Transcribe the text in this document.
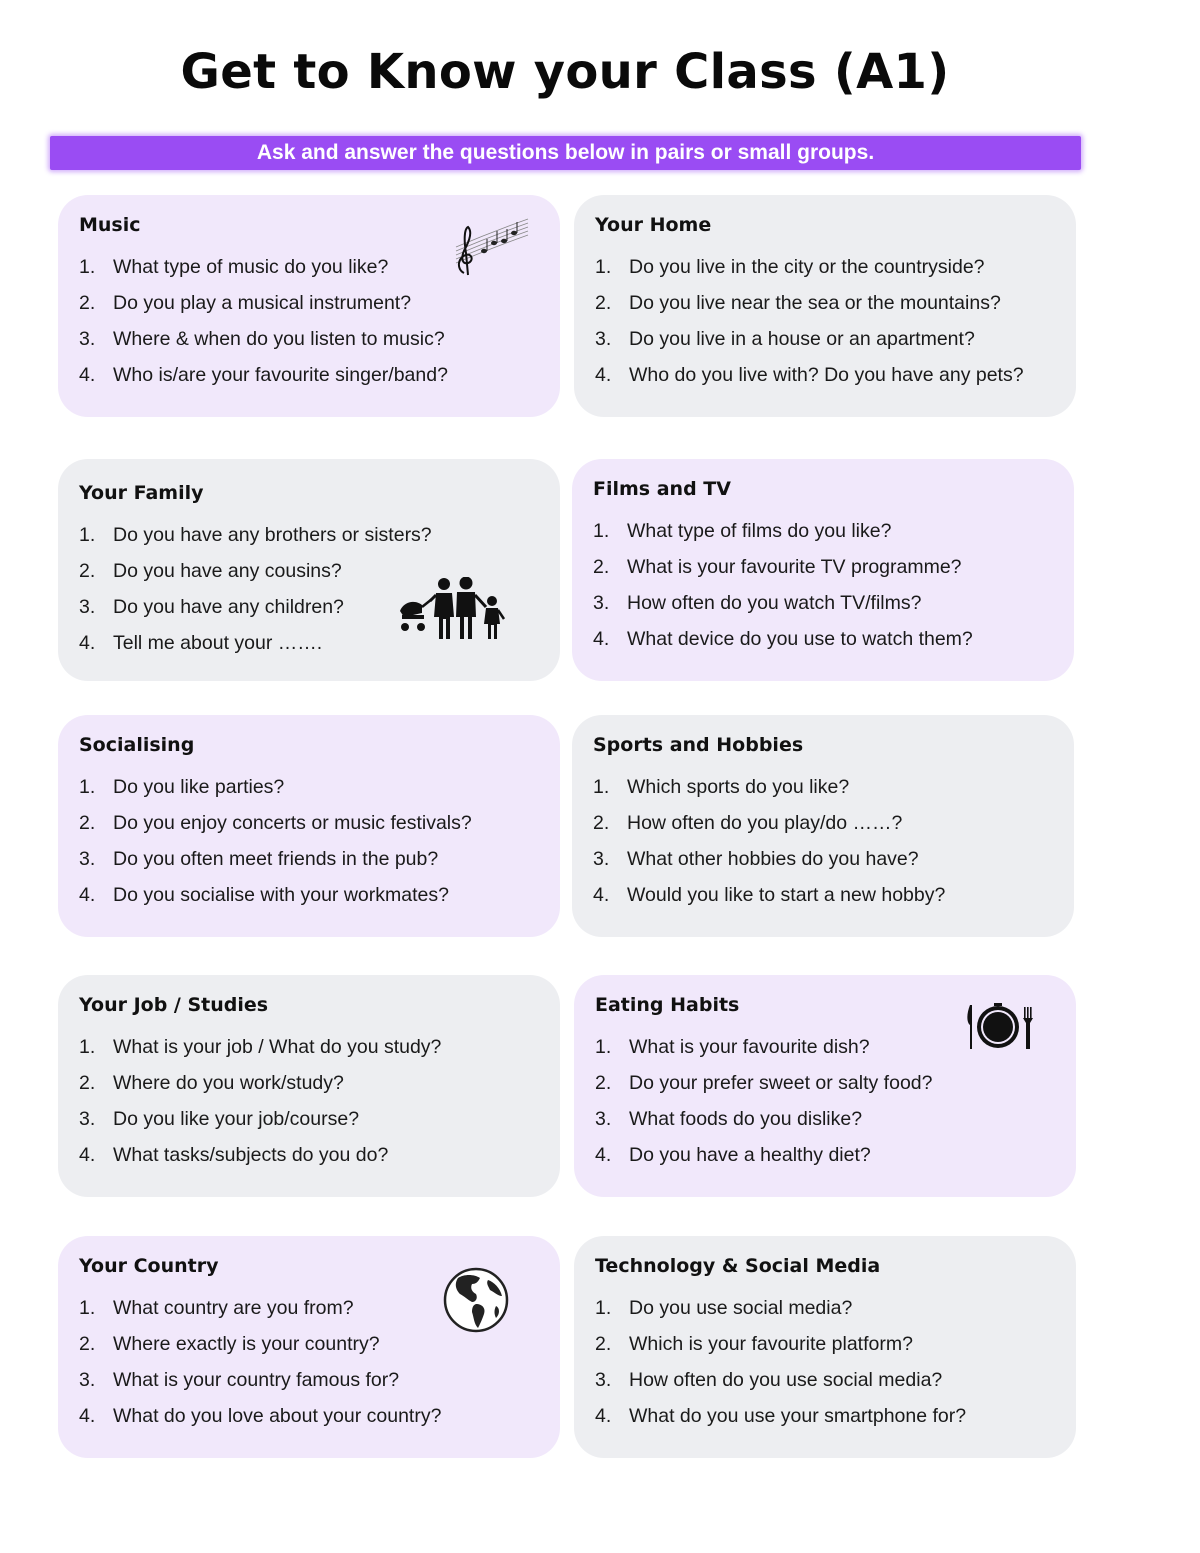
Get to Know your Class (A1)
Ask and answer the questions below in pairs or small groups.
Music
1. What type of music do you like?
2. Do you play a musical instrument?
3. Where & when do you listen to music?
4. Who is/are your favourite singer/band?
Your Home
1. Do you live in the city or the countryside?
2. Do you live near the sea or the mountains?
3. Do you live in a house or an apartment?
4. Who do you live with? Do you have any pets?
Your Family
1. Do you have any brothers or sisters?
2. Do you have any cousins?
3. Do you have any children?
4. Tell me about your …….
Films and TV
1. What type of films do you like?
2. What is your favourite TV programme?
3. How often do you watch TV/films?
4. What device do you use to watch them?
Socialising
1. Do you like parties?
2. Do you enjoy concerts or music festivals?
3. Do you often meet friends in the pub?
4. Do you socialise with your workmates?
Sports and Hobbies
1. Which sports do you like?
2. How often do you play/do ……?
3. What other hobbies do you have?
4. Would you like to start a new hobby?
Your Job / Studies
1. What is your job / What do you study?
2. Where do you work/study?
3. Do you like your job/course?
4. What tasks/subjects do you do?
Eating Habits
1. What is your favourite dish?
2. Do your prefer sweet or salty food?
3. What foods do you dislike?
4. Do you have a healthy diet?
Your Country
1. What country are you from?
2. Where exactly is your country?
3. What is your country famous for?
4. What do you love about your country?
Technology & Social Media
1. Do you use social media?
2. Which is your favourite platform?
3. How often do you use social media?
4. What do you use your smartphone for?
